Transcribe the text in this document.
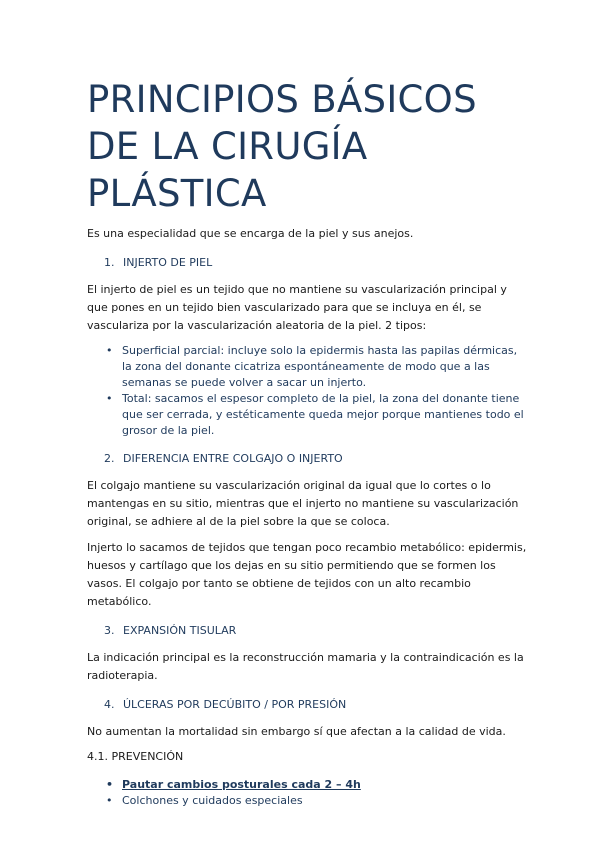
PRINCIPIOS BÁSICOS
DE LA CIRUGÍA
PLÁSTICA

Es una especialidad que se encarga de la piel y sus anejos.

1. INJERTO DE PIEL

El injerto de piel es un tejido que no mantiene su vascularización principal y que pones en un tejido bien vascularizado para que se incluya en él, se vasculariza por la vascularización aleatoria de la piel. 2 tipos:

• Superficial parcial: incluye solo la epidermis hasta las papilas dérmicas, la zona del donante cicatriza espontáneamente de modo que a las semanas se puede volver a sacar un injerto.
• Total: sacamos el espesor completo de la piel, la zona del donante tiene que ser cerrada, y estéticamente queda mejor porque mantienes todo el grosor de la piel.
2. DIFERENCIA ENTRE COLGAJO O INJERTO

El colgajo mantiene su vascularización original da igual que lo cortes o lo mantengas en su sitio, mientras que el injerto no mantiene su vascularización original, se adhiere al de la piel sobre la que se coloca.

Injerto lo sacamos de tejidos que tengan poco recambio metabólico: epidermis, huesos y cartílago que los dejas en su sitio permitiendo que se formen los vasos. El colgajo por tanto se obtiene de tejidos con un alto recambio metabólico.

3. EXPANSIÓN TISULAR

La indicación principal es la reconstrucción mamaria y la contraindicación es la radioterapia.

4. ÚLCERAS POR DECÚBITO / POR PRESIÓN

No aumentan la mortalidad sin embargo sí que afectan a la calidad de vida.

4.1. PREVENCIÓN
• Pautar cambios posturales cada 2 – 4h
• Colchones y cuidados especiales
